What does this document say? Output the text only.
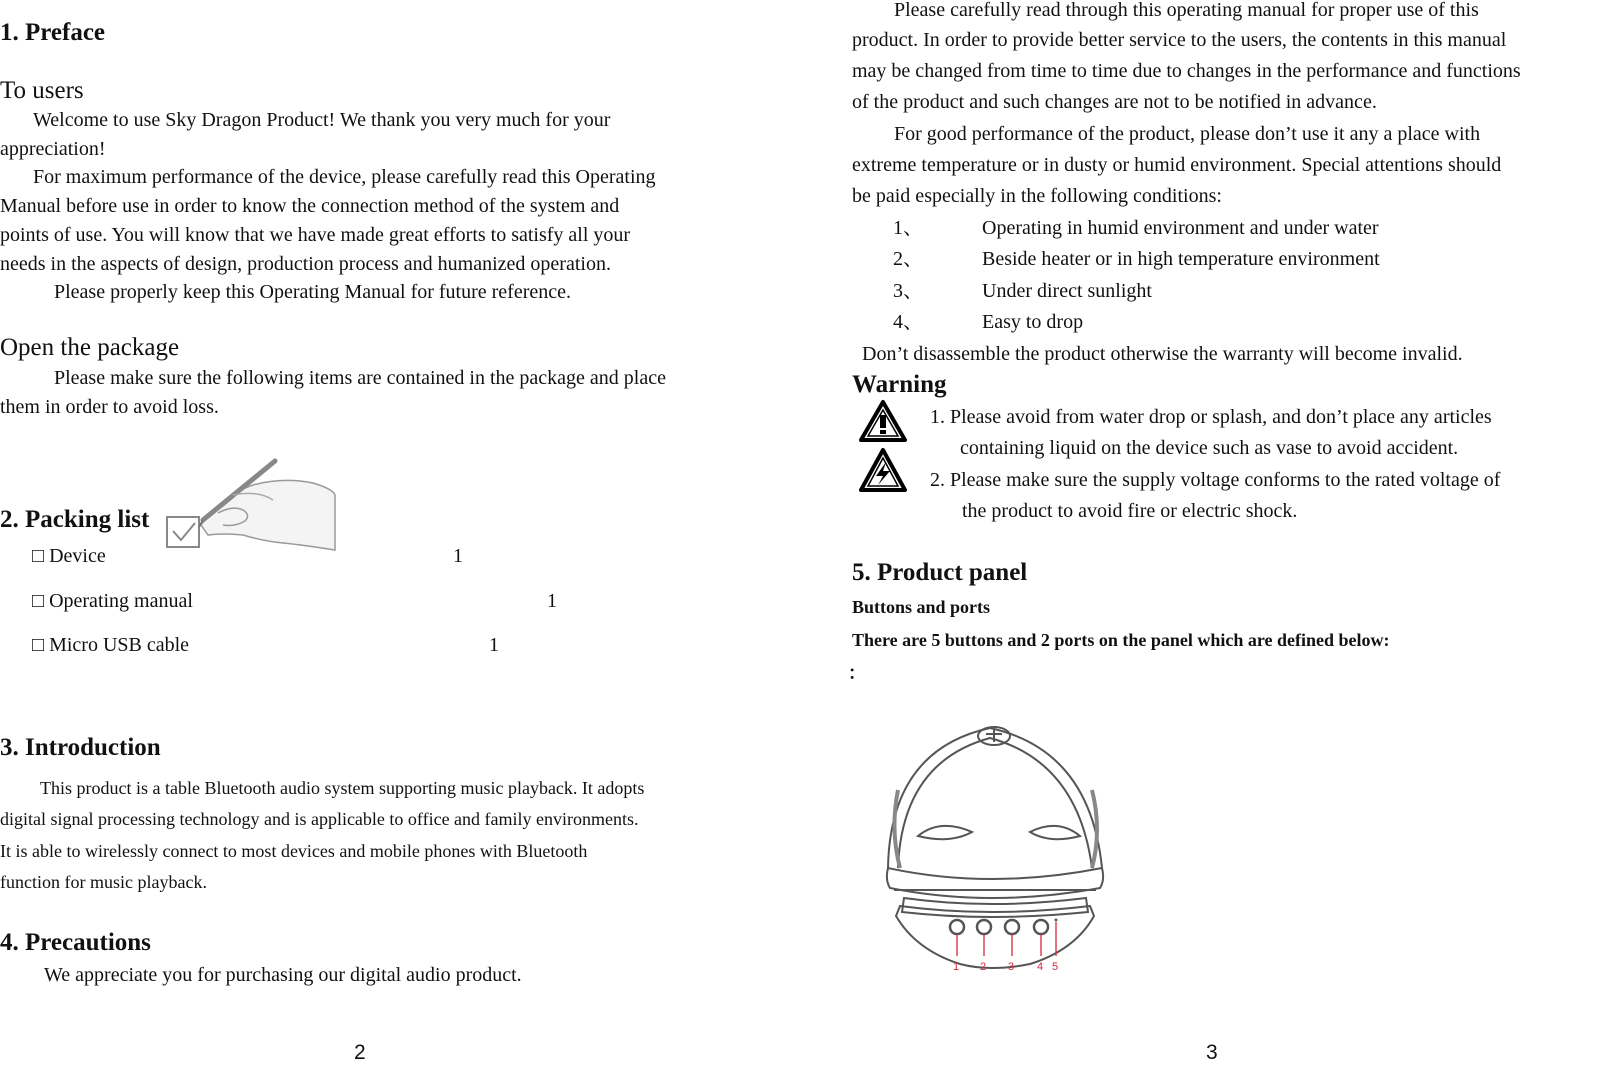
1. Preface
To users
Welcome to use Sky Dragon Product! We thank you very much for your
appreciation!
For maximum performance of the device, please carefully read this Operating
Manual before use in order to know the connection method of the system and
points of use. You will know that we have made great efforts to satisfy all your
needs in the aspects of design, production process and humanized operation.
Please properly keep this Operating Manual for future reference.
Open the package
Please make sure the following items are contained in the package and place
them in order to avoid loss.
2. Packing list
□ Device	1
□ Operating manual	1
□ Micro USB cable	1
3. Introduction
This product is a table Bluetooth audio system supporting music playback. It adopts
digital signal processing technology and is applicable to office and family environments.
It is able to wirelessly connect to most devices and mobile phones with Bluetooth
function for music playback.
4. Precautions
We appreciate you for purchasing our digital audio product.
2
Please carefully read through this operating manual for proper use of this
product. In order to provide better service to the users, the contents in this manual
may be changed from time to time due to changes in the performance and functions
of the product and such changes are not to be notified in advance.
For good performance of the product, please don’t use it any a place with
extreme temperature or in dusty or humid environment. Special attentions should
be paid especially in the following conditions:
1、	Operating in humid environment and under water
2、	Beside heater or in high temperature environment
3、	Under direct sunlight
4、	Easy to drop
Don’t disassemble the product otherwise the warranty will become invalid.
Warning
1. Please avoid from water drop or splash, and don’t place any articles
containing liquid on the device such as vase to avoid accident.
2. Please make sure the supply voltage conforms to the rated voltage of
the product to avoid fire or electric shock.
5. Product panel
Buttons and ports
There are 5 buttons and 2 ports on the panel which are defined below:
：
1 2 3 4 5
3
